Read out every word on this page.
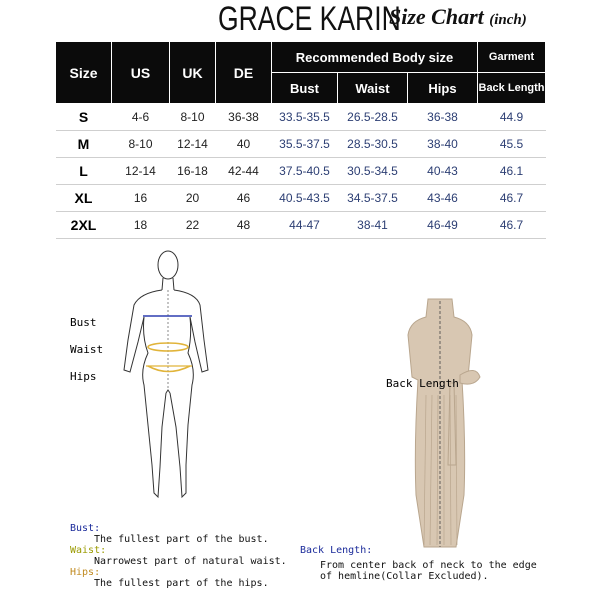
GRACE KARIN
Size Chart (inch)
Size	US	UK	DE	Recommended Body size			Garment
				Bust	Waist	Hips	Back Length
S	4-6	8-10	36-38	33.5-35.5	26.5-28.5	36-38	44.9
M	8-10	12-14	40	35.5-37.5	28.5-30.5	38-40	45.5
L	12-14	16-18	42-44	37.5-40.5	30.5-34.5	40-43	46.1
XL	16	20	46	40.5-43.5	34.5-37.5	43-46	46.7
2XL	18	22	48	44-47	38-41	46-49	46.7
Bust
Waist
Hips
Back Length
Bust:
The fullest part of the bust.
Waist:
Narrowest part of natural waist.
Hips:
The fullest part of the hips.
Back Length:
From center back of neck to the edge
of hemline(Collar Excluded).
